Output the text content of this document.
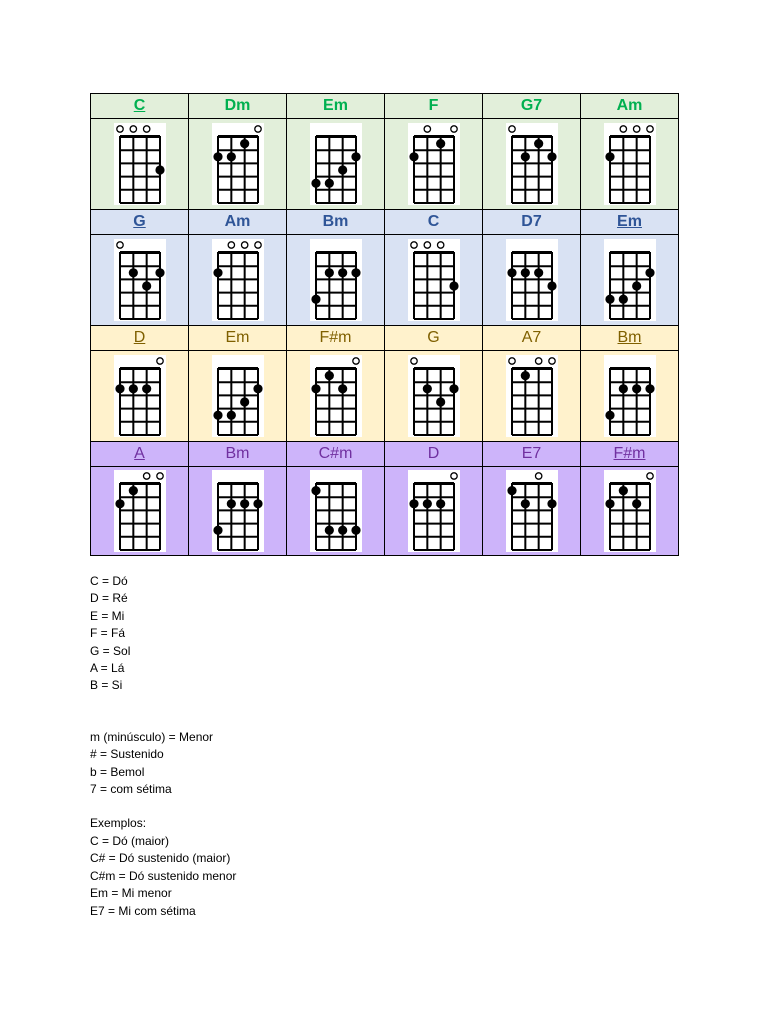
C	Dm	Em	F	G7	Am

G	Am	Bm	C	D7	Em

D	Em	F#m	G	A7	Bm

A	Bm	C#m	D	E7	F#m

C = Dó
D = Ré
E = Mi
F = Fá
G = Sol
A = Lá
B = Si
m (minúsculo) = Menor
# = Sustenido
b = Bemol
7 = com sétima
Exemplos:
C = Dó (maior)
C# = Dó sustenido (maior)
C#m = Dó sustenido menor
Em = Mi menor
E7 = Mi com sétima
